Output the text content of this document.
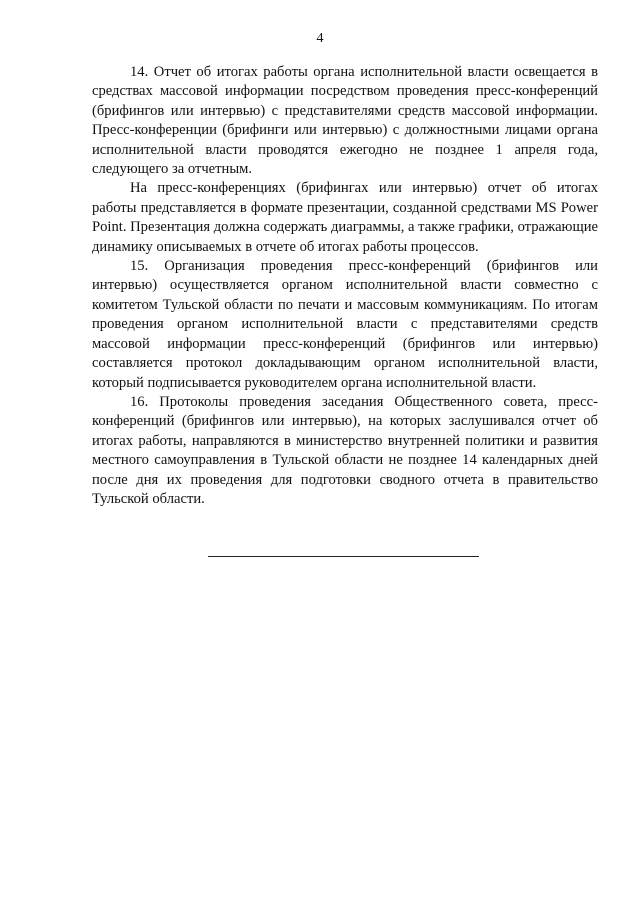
4

14. Отчет об итогах работы органа исполнительной власти освещается в средствах массовой информации посредством проведения пресс-конференций (брифингов или интервью) с представителями средств массовой информации. Пресс-конференции (брифинги или интервью) с должностными лицами органа исполнительной власти проводятся ежегодно не позднее 1 апреля года, следующего за отчетным.

На пресс-конференциях (брифингах или интервью) отчет об итогах работы представляется в формате презентации, созданной средствами MS Power Point. Презентация должна содержать диаграммы, а также графики, отражающие динамику описываемых в отчете об итогах работы процессов.

15. Организация проведения пресс-конференций (брифингов или интервью) осуществляется органом исполнительной власти совместно с комитетом Тульской области по печати и массовым коммуникациям. По итогам проведения органом исполнительной власти с представителями средств массовой информации пресс-конференций (брифингов или интервью) составляется протокол докладывающим органом исполнительной власти, который подписывается руководителем органа исполнительной власти.

16. Протоколы проведения заседания Общественного совета, пресс-конференций (брифингов или интервью), на которых заслушивался отчет об итогах работы, направляются в министерство внутренней политики и развития местного самоуправления в Тульской области не позднее 14 календарных дней после дня их проведения для подготовки сводного отчета в правительство Тульской области.
